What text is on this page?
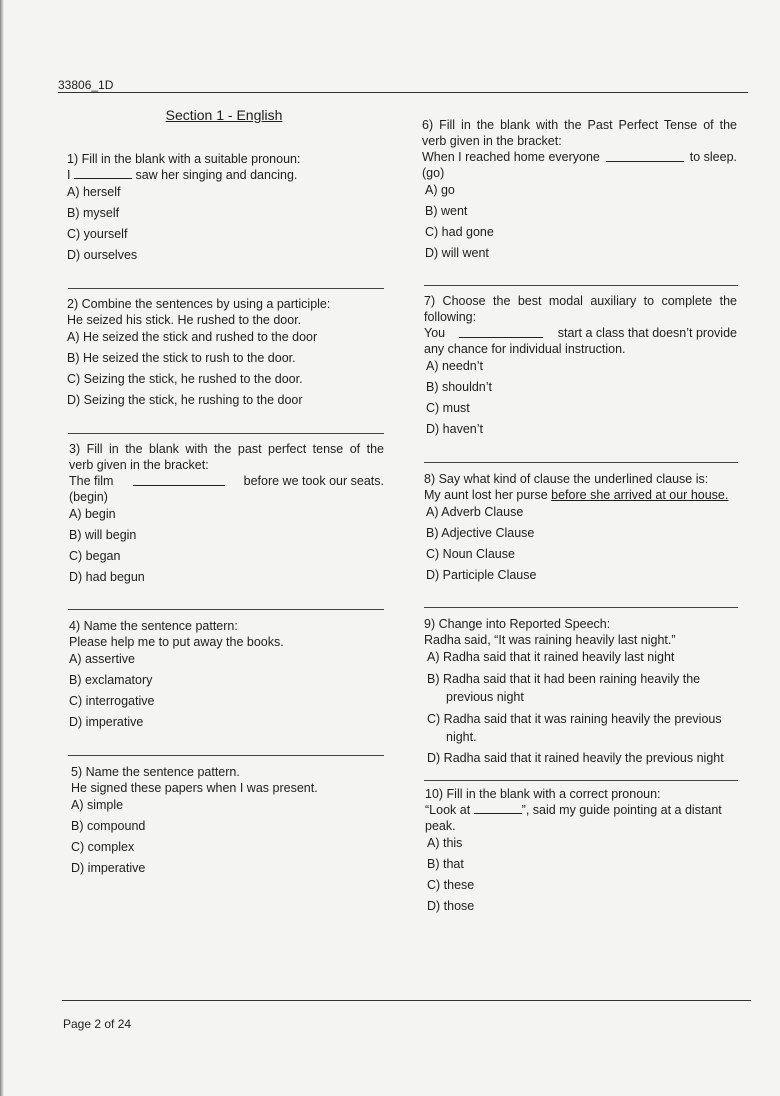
33806_1D
Section 1 - English

1) Fill in the blank with a suitable pronoun:

I	saw her singing and dancing.

A) herself

B) myself

C) yourself

D) ourselves

2) Combine the sentences by using a participle:

He seized his stick. He rushed to the door.

A) He seized the stick and rushed to the door

B) He seized the stick to rush to the door.

C) Seizing the stick, he rushed to the door.

D) Seizing the stick, he rushing to the door

3) Fill in the blank with the past perfect tense of the

verb given in the bracket:

The film	before we took our seats.

(begin)

A) begin

B) will begin

C) began

D) had begun

4) Name the sentence pattern:

Please help me to put away the books.

A) assertive

B) exclamatory

C) interrogative

D) imperative

5) Name the sentence pattern.

He signed these papers when I was present.

A) simple

B) compound

C) complex

D) imperative

6) Fill in the blank with the Past Perfect Tense of the

verb given in the bracket:

When I reached home everyone	to sleep.

(go)

A) go

B) went

C) had gone

D) will went

7) Choose the best modal auxiliary to complete the

following:

You	start a class that doesn’t provide

any chance for individual instruction.

A) needn’t

B) shouldn’t

C) must

D) haven’t

8) Say what kind of clause the underlined clause is:

My aunt lost her purse before she arrived at our house.

A) Adverb Clause

B) Adjective Clause

C) Noun Clause

D) Participle Clause

9) Change into Reported Speech:

Radha said, “It was raining heavily last night.”

A) Radha said that it rained heavily last night

B) Radha said that it had been raining heavily the previous night

C) Radha said that it was raining heavily the previous night.

D) Radha said that it rained heavily the previous night

10) Fill in the blank with a correct pronoun:

“Look at	”, said my guide pointing at a distant

peak.

A) this

B) that

C) these

D) those

Page 2 of 24
